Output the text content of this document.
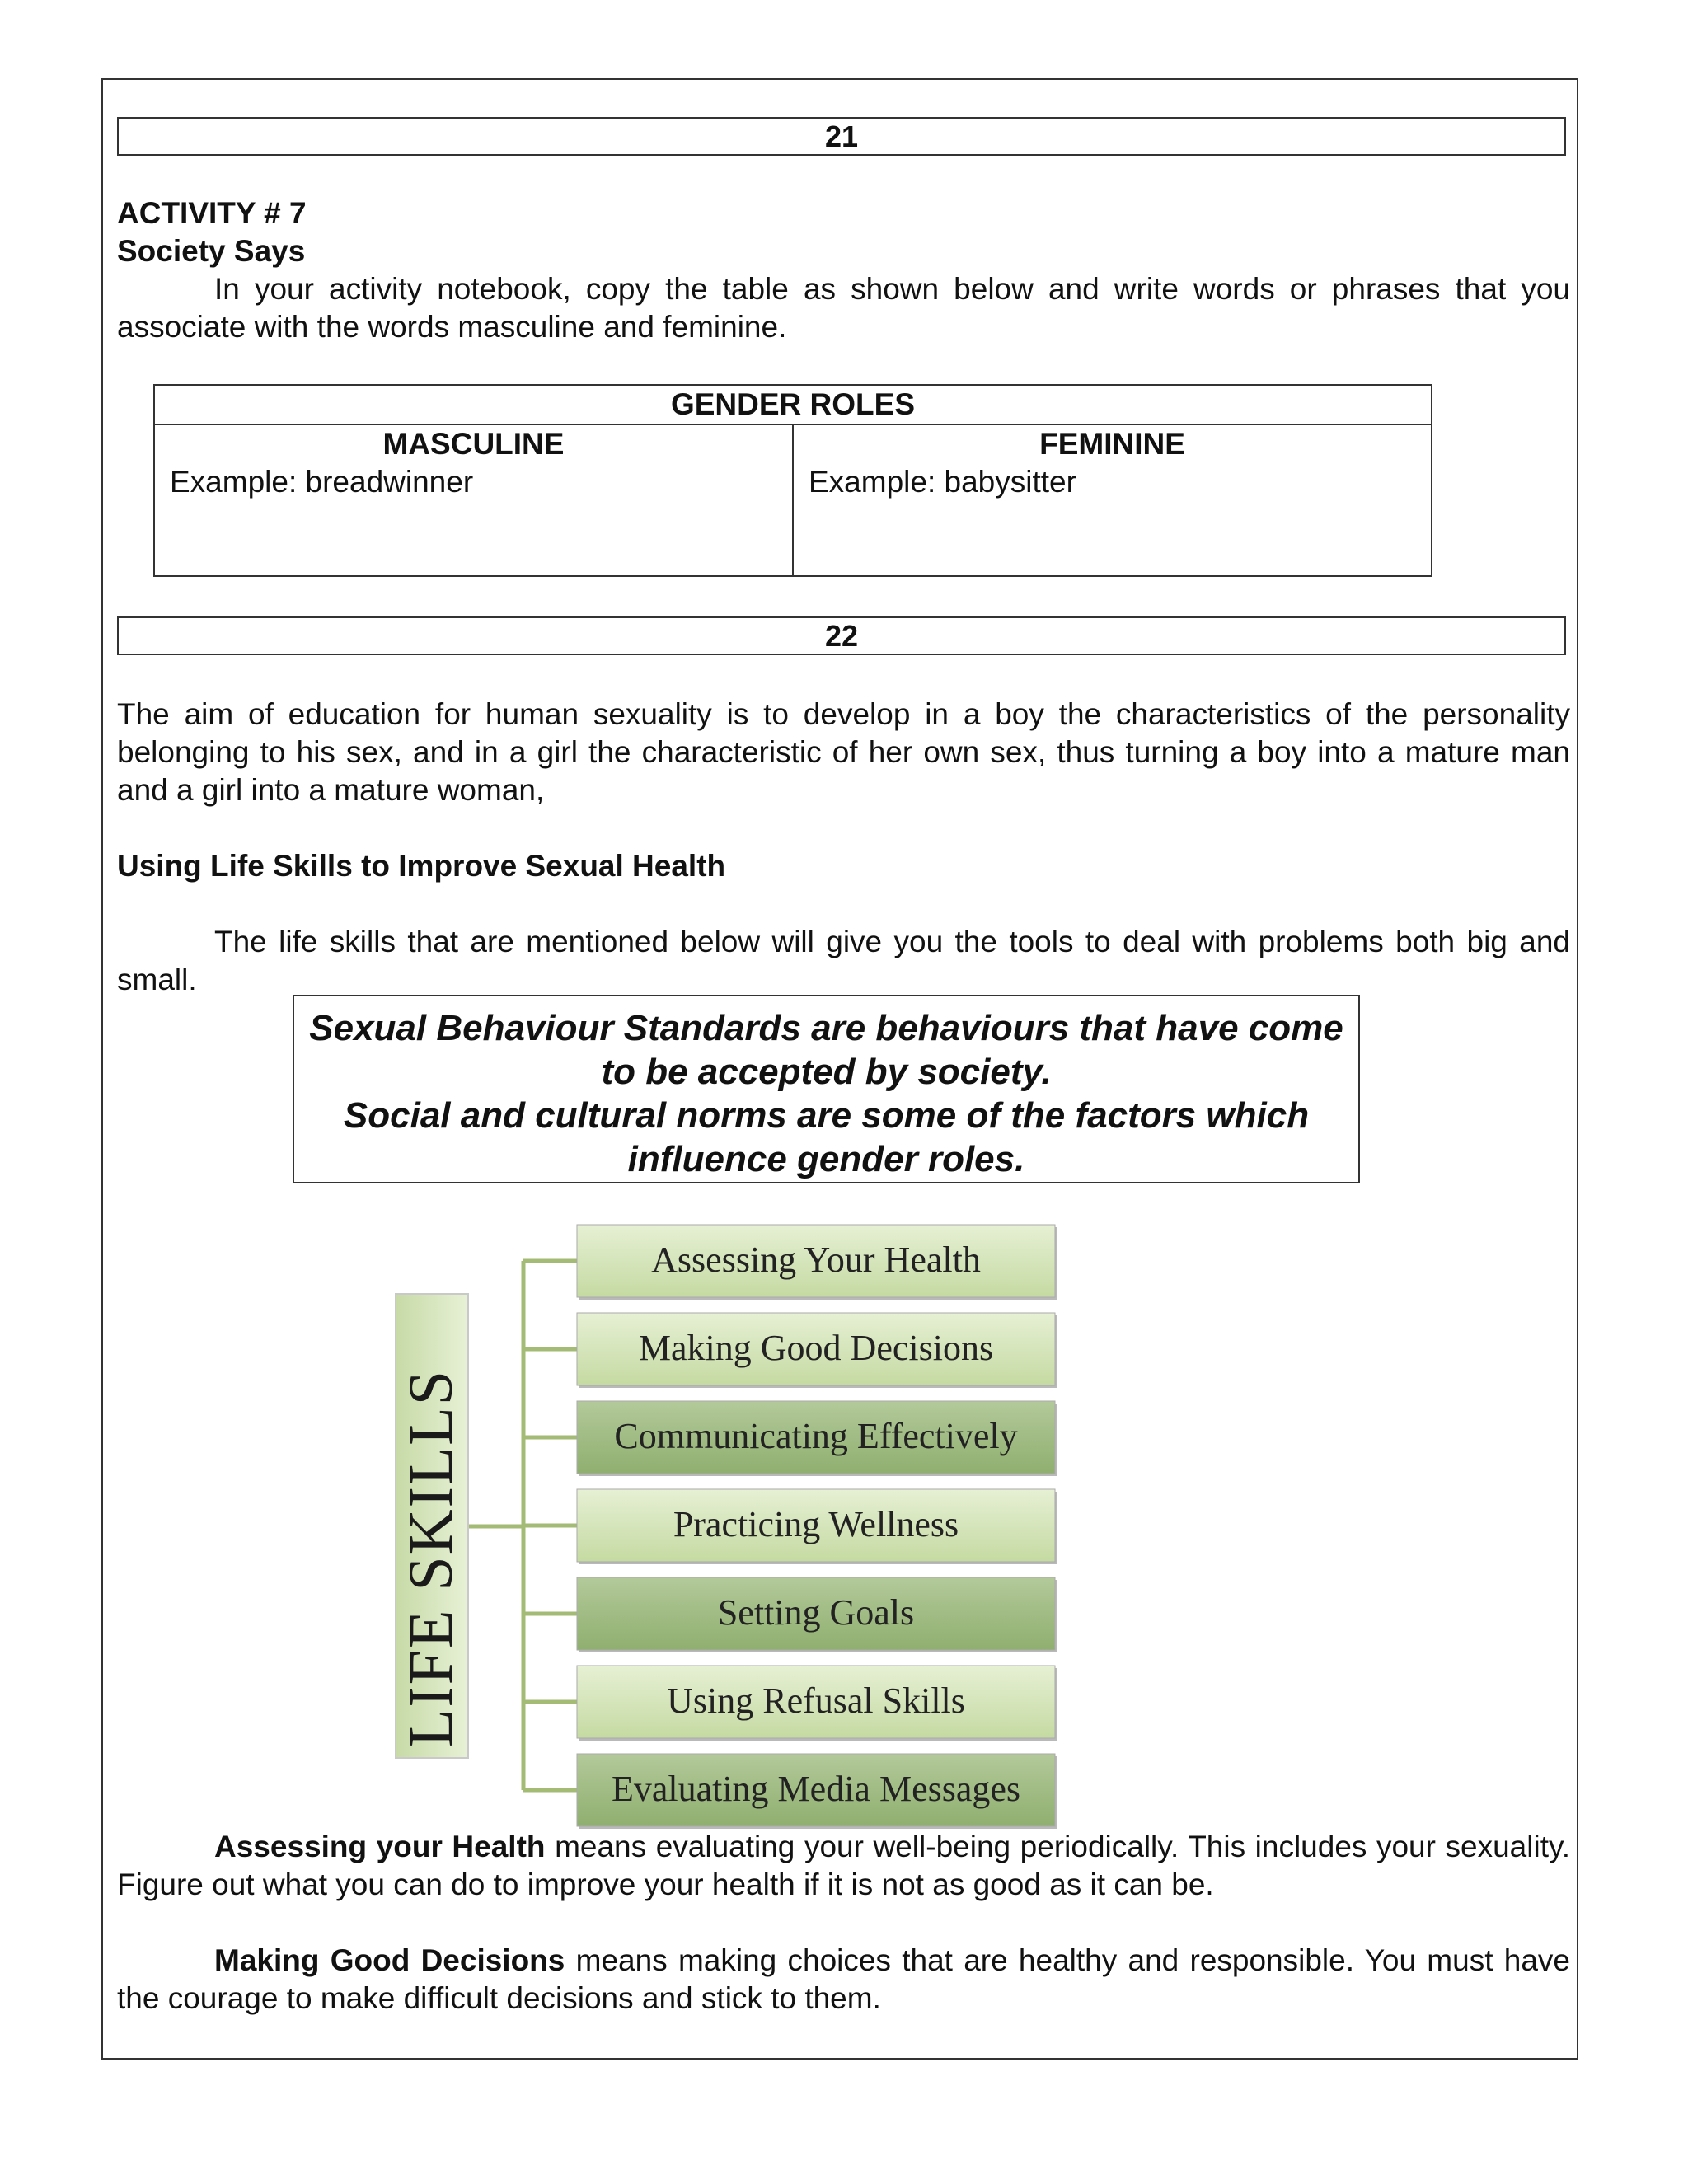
21
ACTIVITY # 7
Society Says

In your activity notebook, copy the table as shown below and write words or phrases that you associate with the words masculine and feminine.

GENDER ROLES
MASCULINE
Example: breadwinner
FEMININE
Example: babysitter
22

The aim of education for human sexuality is to develop in a boy the characteristics of the personality belonging to his sex, and in a girl the characteristic of her own sex, thus turning a boy into a mature man and a girl into a mature woman,

Using Life Skills to Improve Sexual Health

The life skills that are mentioned below will give you the tools to deal with problems both big and small.

Sexual Behaviour Standards are behaviours that have come to be accepted by society.
Social and cultural norms are some of the factors which influence gender roles.
LIFE SKILLS
Assessing Your Health
Making Good Decisions
Communicating Effectively
Practicing Wellness
Setting Goals
Using Refusal Skills
Evaluating Media Messages

Assessing your Health means evaluating your well-being periodically. This includes your sexuality. Figure out what you can do to improve your health if it is not as good as it can be.

Making Good Decisions means making choices that are healthy and responsible. You must have the courage to make difficult decisions and stick to them.
